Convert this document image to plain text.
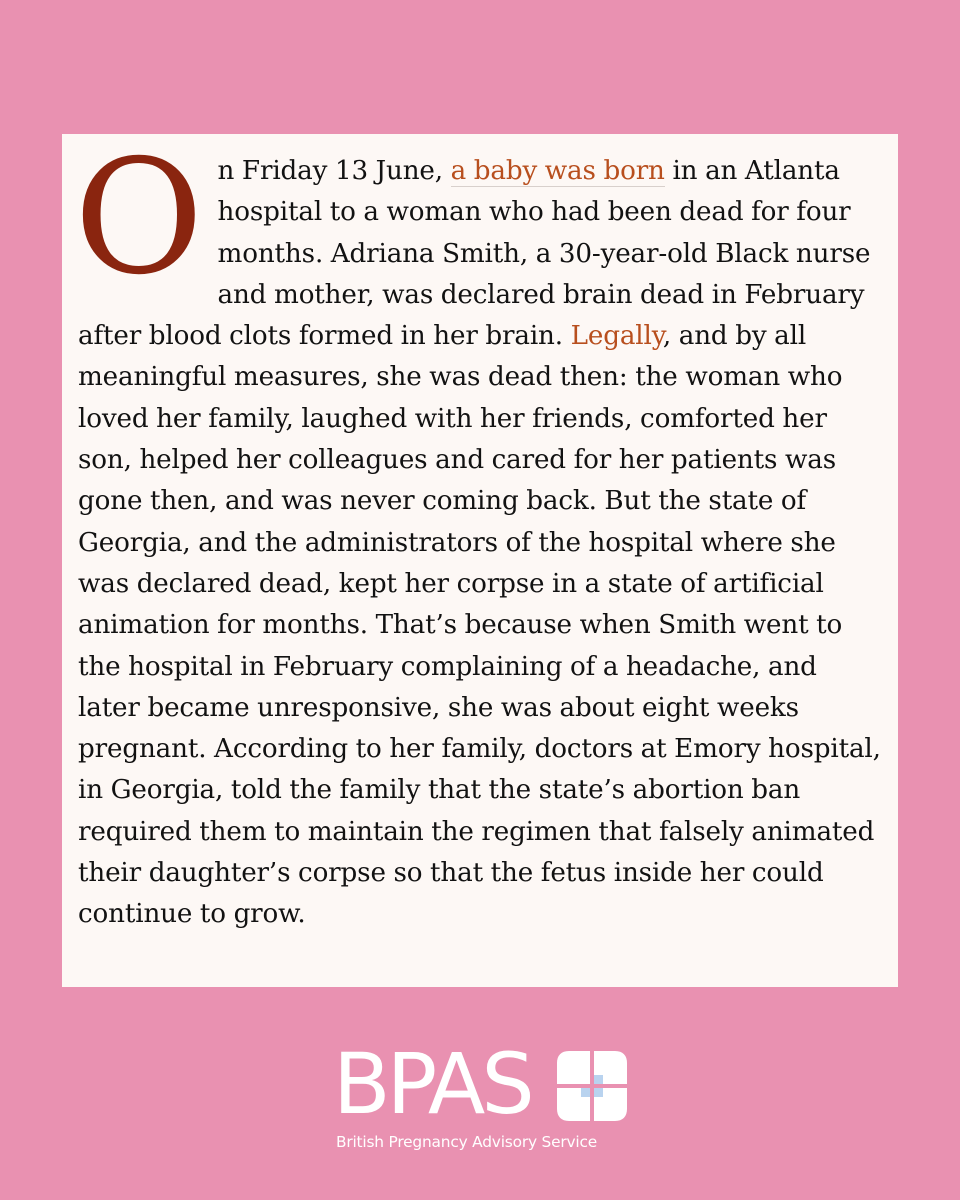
On Friday 13 June, a baby was born in an Atlanta hospital to a woman who had been dead for four months. Adriana Smith, a 30-year-old Black nurse and mother, was declared brain dead in February after blood clots formed in her brain. Legally, and by all meaningful measures, she was dead then: the woman who loved her family, laughed with her friends, comforted her son, helped her colleagues and cared for her patients was gone then, and was never coming back. But the state of Georgia, and the administrators of the hospital where she was declared dead, kept her corpse in a state of artificial animation for months. That’s because when Smith went to the hospital in February complaining of a headache, and later became unresponsive, she was about eight weeks pregnant. According to her family, doctors at Emory hospital, in Georgia, told the family that the state’s abortion ban required them to maintain the regimen that falsely animated their daughter’s corpse so that the fetus inside her could continue to grow.

BPAS
British Pregnancy Advisory Service
